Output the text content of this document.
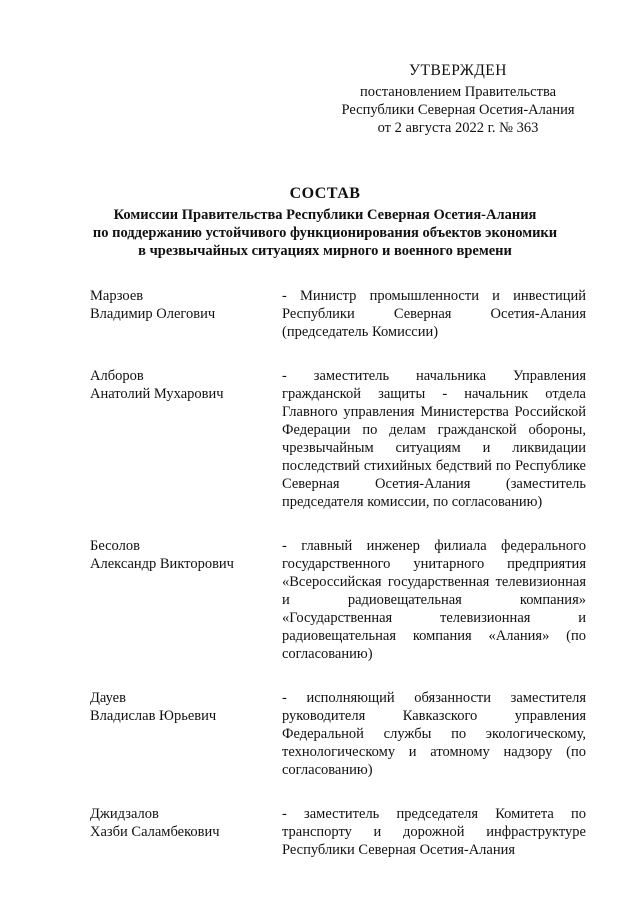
УТВЕРЖДЕН
постановлением Правительства
Республики Северная Осетия-Алания
от 2 августа 2022 г. № 363
СОСТАВ
Комиссии Правительства Республики Северная Осетия-Алания
по поддержанию устойчивого функционирования объектов экономики
в чрезвычайных ситуациях мирного и военного времени
Марзоев
Владимир Олегович
- Министр промышленности и инвестиций Республики Северная Осетия-Алания (председатель Комиссии)
Алборов
Анатолий Мухарович
- заместитель начальника Управления гражданской защиты - начальник отдела Главного управления Министерства Российской Федерации по делам гражданской обороны, чрезвычайным ситуациям и ликвидации последствий стихийных бедствий по Республике Северная Осетия-Алания (заместитель председателя комиссии, по согласованию)
Бесолов
Александр Викторович
- главный инженер филиала федерального государственного унитарного предприятия «Всероссийская государственная телевизионная и радиовещательная компания» «Государственная телевизионная и радиовещательная компания «Алания» (по согласованию)
Дауев
Владислав Юрьевич
- исполняющий обязанности заместителя руководителя Кавказского управления Федеральной службы по экологическому, технологическому и атомному надзору (по согласованию)
Джидзалов
Хазби Саламбекович
- заместитель председателя Комитета по транспорту и дорожной инфраструктуре Республики Северная Осетия-Алания
